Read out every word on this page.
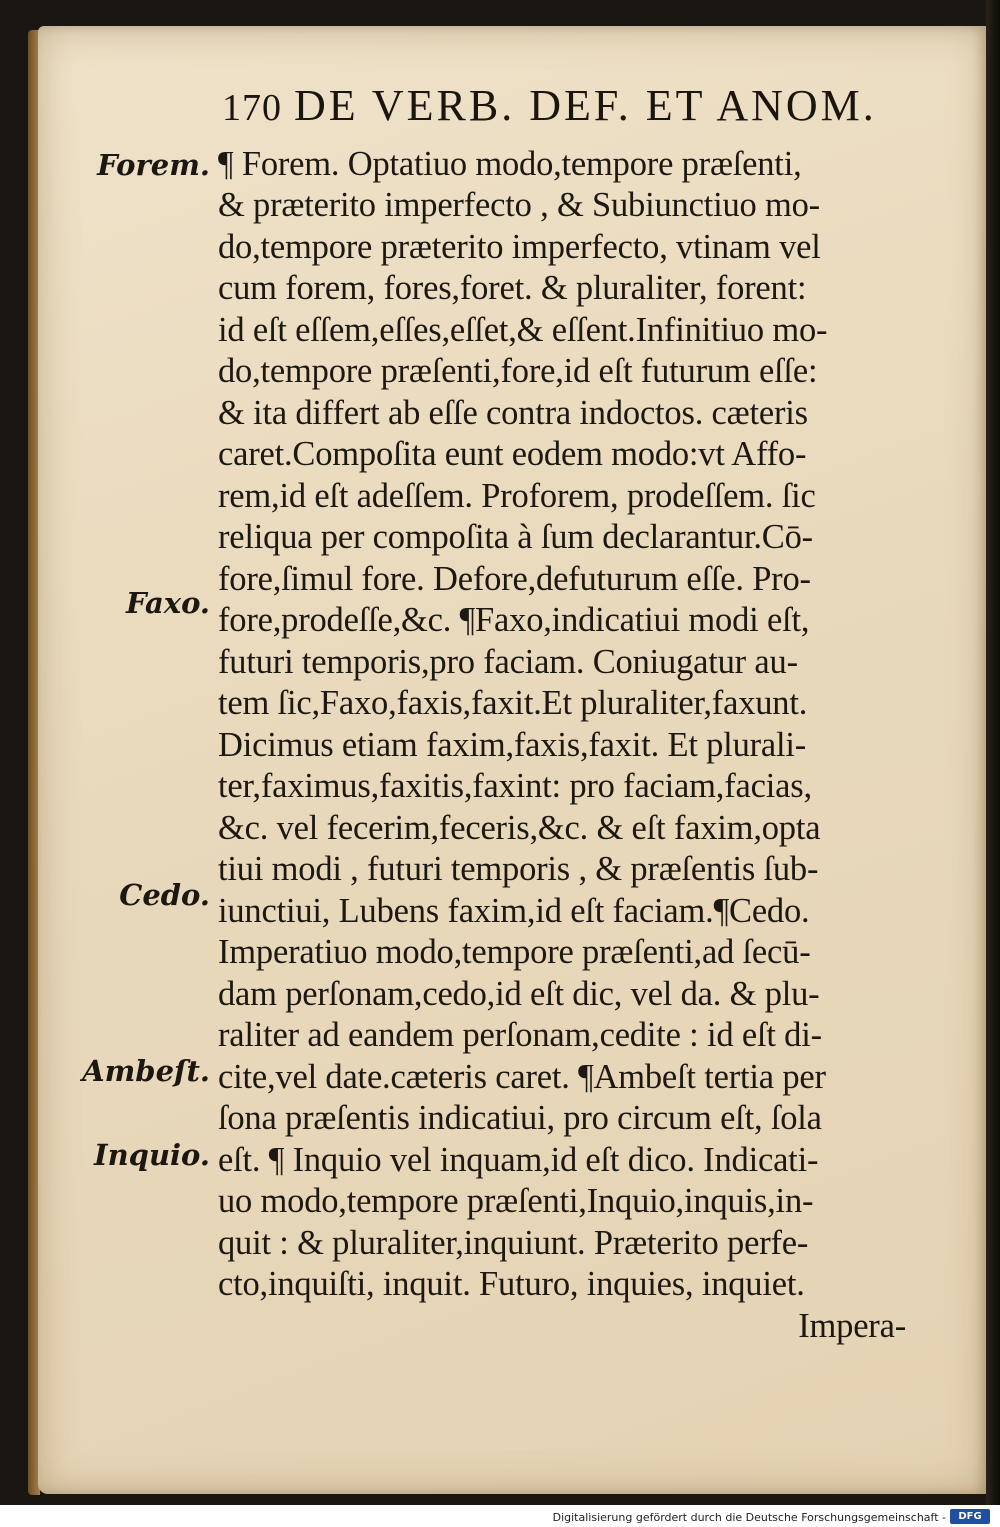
170 DE VERB. DEF. ET ANOM.
Forem.
Faxo.
Cedo.
Ambeſt.
Inquio.
¶ Forem. Optatiuo modo,tempore præſenti,
& præterito imperfecto , & Subiunctiuo mo-
do,tempore præterito imperfecto, vtinam vel
cum forem, fores,foret. & pluraliter, forent:
id eſt eſſem,eſſes,eſſet,& eſſent.Infinitiuo mo-
do,tempore præſenti,fore,id eſt futurum eſſe:
& ita differt ab eſſe contra indoctos. cæteris
caret.Compoſita eunt eodem modo:vt Affo-
rem,id eſt adeſſem. Proforem, prodeſſem. ſic
reliqua per compoſita à ſum declarantur.Cō-
fore,ſimul fore. Defore,defuturum eſſe. Pro-
fore,prodeſſe,&c. ¶Faxo,indicatiui modi eſt,
futuri temporis,pro faciam. Coniugatur au-
tem ſic,Faxo,faxis,faxit.Et pluraliter,faxunt.
Dicimus etiam faxim,faxis,faxit. Et plurali-
ter,faximus,faxitis,faxint: pro faciam,facias,
&c. vel fecerim,feceris,&c. & eſt faxim,opta
tiui modi , futuri temporis , & præſentis ſub-
iunctiui, Lubens faxim,id eſt faciam.¶Cedo.
Imperatiuo modo,tempore præſenti,ad ſecū-
dam perſonam,cedo,id eſt dic, vel da. & plu-
raliter ad eandem perſonam,cedite : id eſt di-
cite,vel date.cæteris caret. ¶Ambeſt tertia per
ſona præſentis indicatiui, pro circum eſt, ſola
eſt. ¶ Inquio vel inquam,id eſt dico. Indicati-
uo modo,tempore præſenti,Inquio,inquis,in-
quit : & pluraliter,inquiunt. Præterito perfe-
cto,inquiſti, inquit. Futuro, inquies, inquiet.
Impera-
Digitalisierung gefördert durch die Deutsche Forschungsgemeinschaft -	DFG
